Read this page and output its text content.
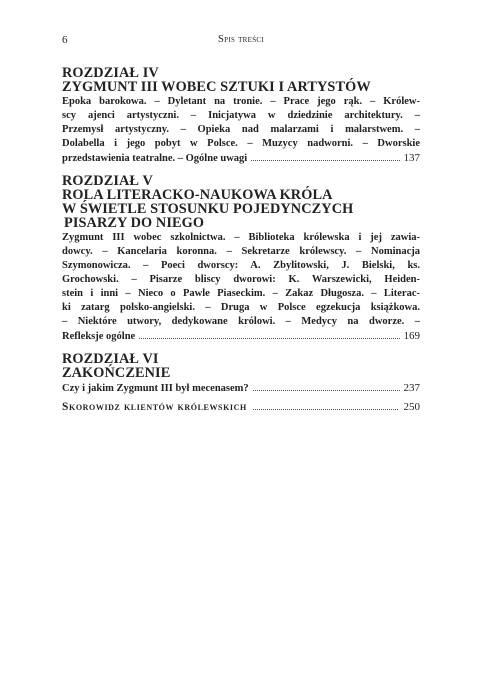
6	Spis treści
ROZDZIAŁ IV
ZYGMUNT III WOBEC SZTUKI I ARTYSTÓW
Epoka barokowa. – Dyletant na tronie. – Prace jego rąk. – Królew-
scy ajenci artystyczni. – Inicjatywa w dziedzinie architektury. –
Przemysł artystyczny. – Opieka nad malarzami i malarstwem. –
Dolabella i jego pobyt w Polsce. – Muzycy nadworni. – Dworskie
przedstawienia teatralne. – Ogólne uwagi	137
ROZDZIAŁ V
ROLA LITERACKO-NAUKOWA KRÓLA
W ŚWIETLE STOSUNKU POJEDYNCZYCH
PISARZY DO NIEGO
Zygmunt III wobec szkolnictwa. – Biblioteka królewska i jej zawia-
dowcy. – Kancelaria koronna. – Sekretarze królewscy. – Nominacja
Szymonowicza. – Poeci dworscy: A. Zbylitowski, J. Bielski, ks.
Grochowski. – Pisarze bliscy dworowi: K. Warszewicki, Heiden-
stein i inni – Nieco o Pawle Piaseckim. – Zakaz Długosza. – Literac-
ki zatarg polsko-angielski. – Druga w Polsce egzekucja książkowa.
– Niektóre utwory, dedykowane królowi. – Medycy na dworze. –
Refleksje ogólne	169
ROZDZIAŁ VI
ZAKOŃCZENIE
Czy i jakim Zygmunt III był mecenasem?	237
Skorowidz klientów królewskich	250
